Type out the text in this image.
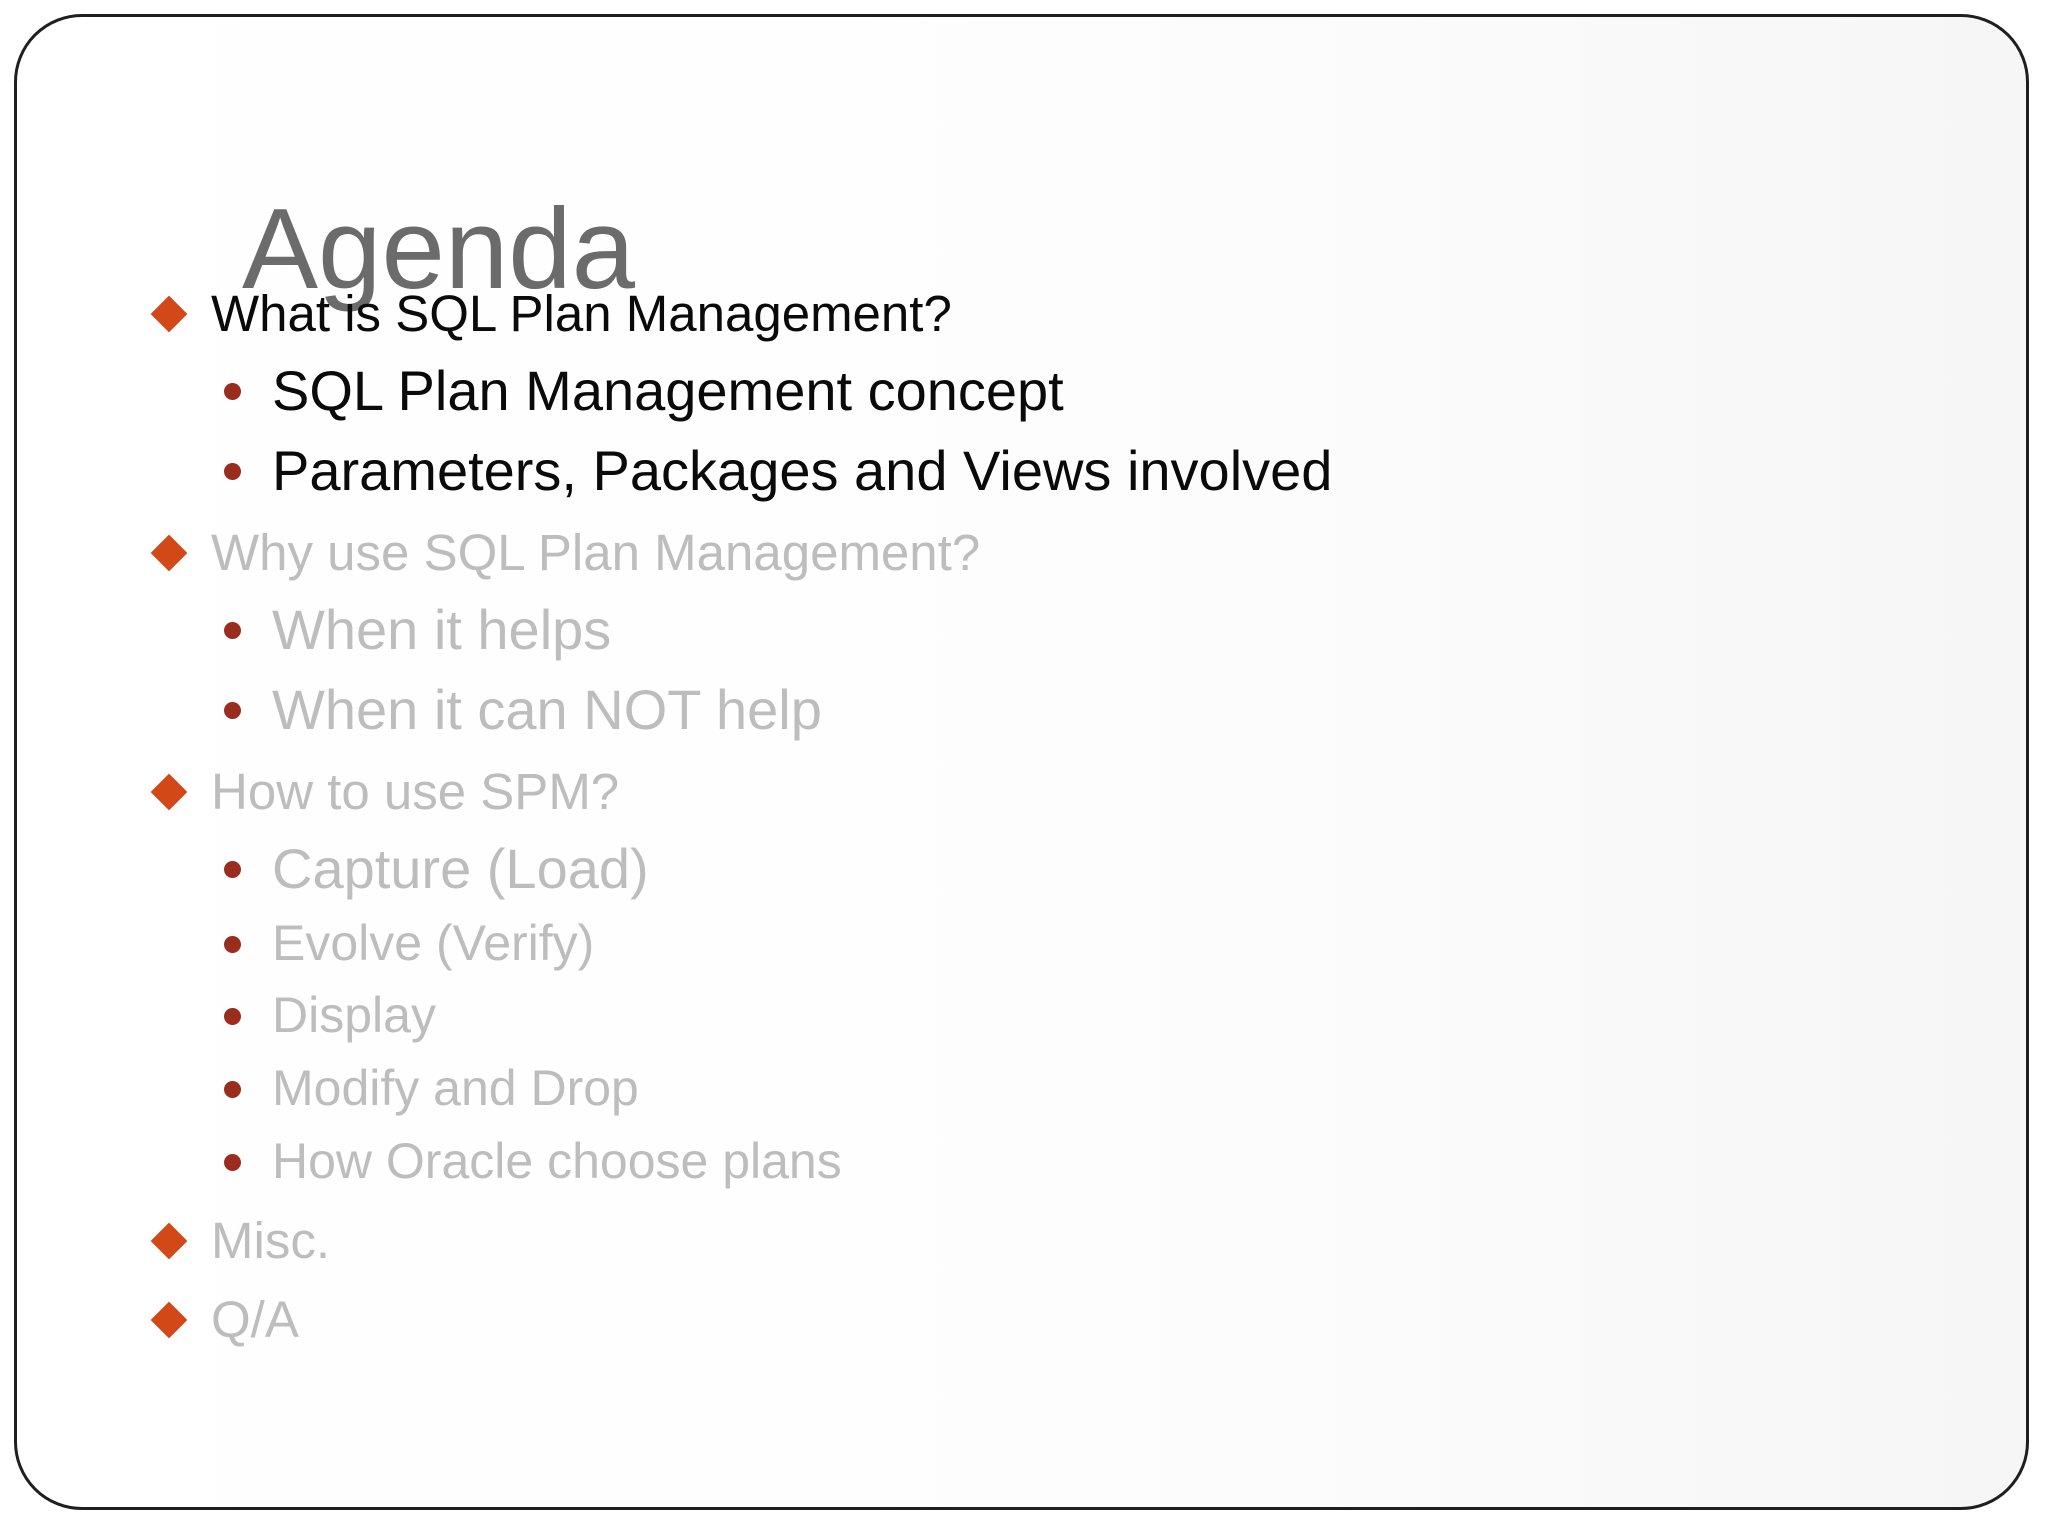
Agenda
What is SQL Plan Management?
SQL Plan Management concept
Parameters, Packages and Views involved
Why use SQL Plan Management?
When it helps
When it can NOT help
How to use SPM?
Capture (Load)
Evolve (Verify)
Display
Modify and Drop
How Oracle choose plans
Misc.
Q/A
